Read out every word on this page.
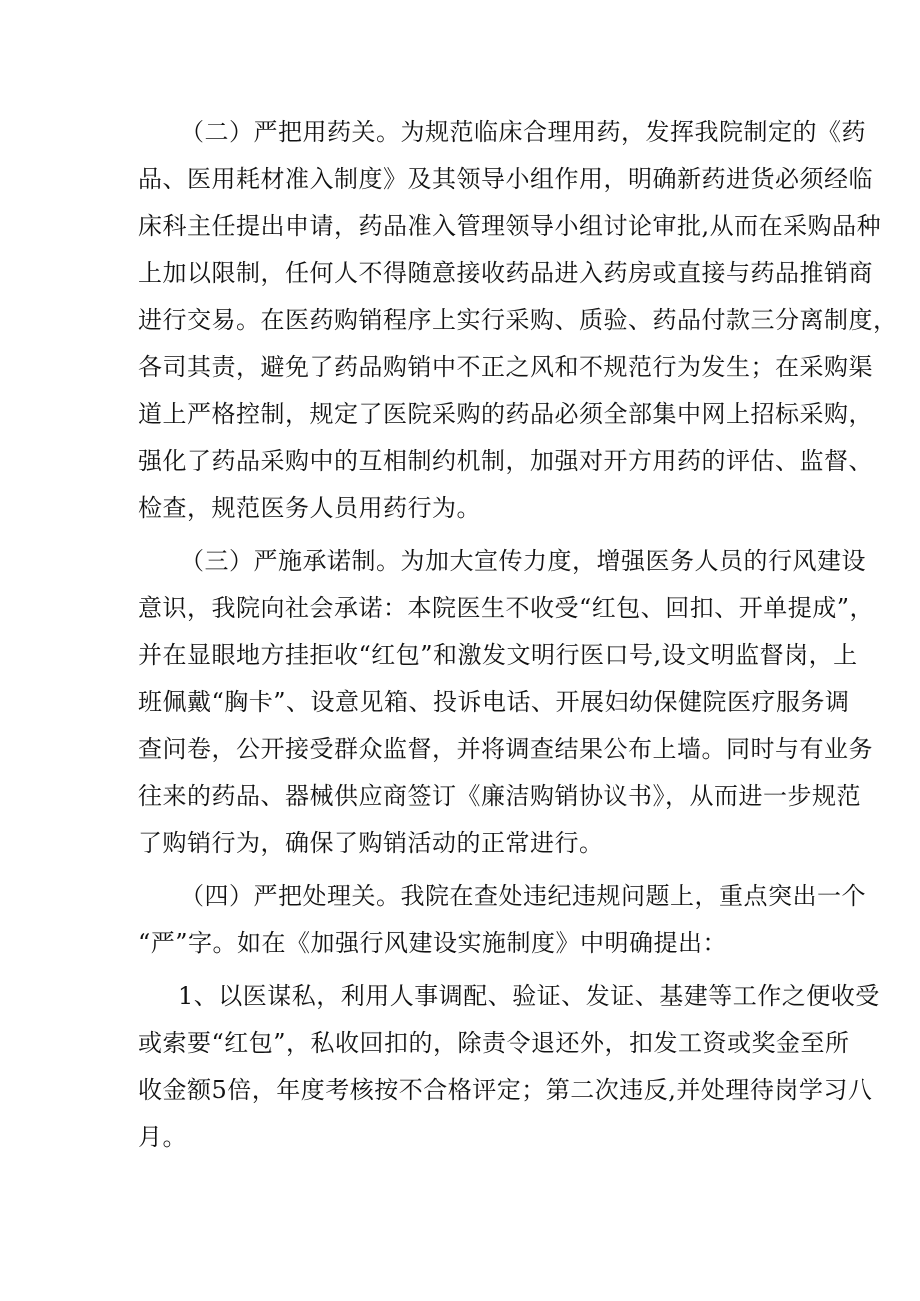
（二）严把用药关。为规范临床合理用药，发挥我院制定的《药
品、医用耗材准入制度》及其领导小组作用，明确新药进货必须经临
床科主任提出申请，药品准入管理领导小组讨论审批,从而在采购品种
上加以限制，任何人不得随意接收药品进入药房或直接与药品推销商
进行交易。在医药购销程序上实行采购、质验、药品付款三分离制度，
各司其责，避免了药品购销中不正之风和不规范行为发生；在采购渠
道上严格控制，规定了医院采购的药品必须全部集中网上招标采购，
强化了药品采购中的互相制约机制，加强对开方用药的评估、监督、
检查，规范医务人员用药行为。
（三）严施承诺制。为加大宣传力度，增强医务人员的行风建设
意识，我院向社会承诺：本院医生不收受“红包、回扣、开单提成”，
并在显眼地方挂拒收“红包”和激发文明行医口号,设文明监督岗，上
班佩戴“胸卡”、设意见箱、投诉电话、开展妇幼保健院医疗服务调
查问卷，公开接受群众监督，并将调查结果公布上墙。同时与有业务
往来的药品、器械供应商签订《廉洁购销协议书》，从而进一步规范
了购销行为，确保了购销活动的正常进行。
（四）严把处理关。我院在查处违纪违规问题上，重点突出一个
“严”字。如在《加强行风建设实施制度》中明确提出：
1、以医谋私，利用人事调配、验证、发证、基建等工作之便收受
或索要“红包”，私收回扣的，除责令退还外，扣发工资或奖金至所
收金额5倍，年度考核按不合格评定；第二次违反,并处理待岗学习八
月。
